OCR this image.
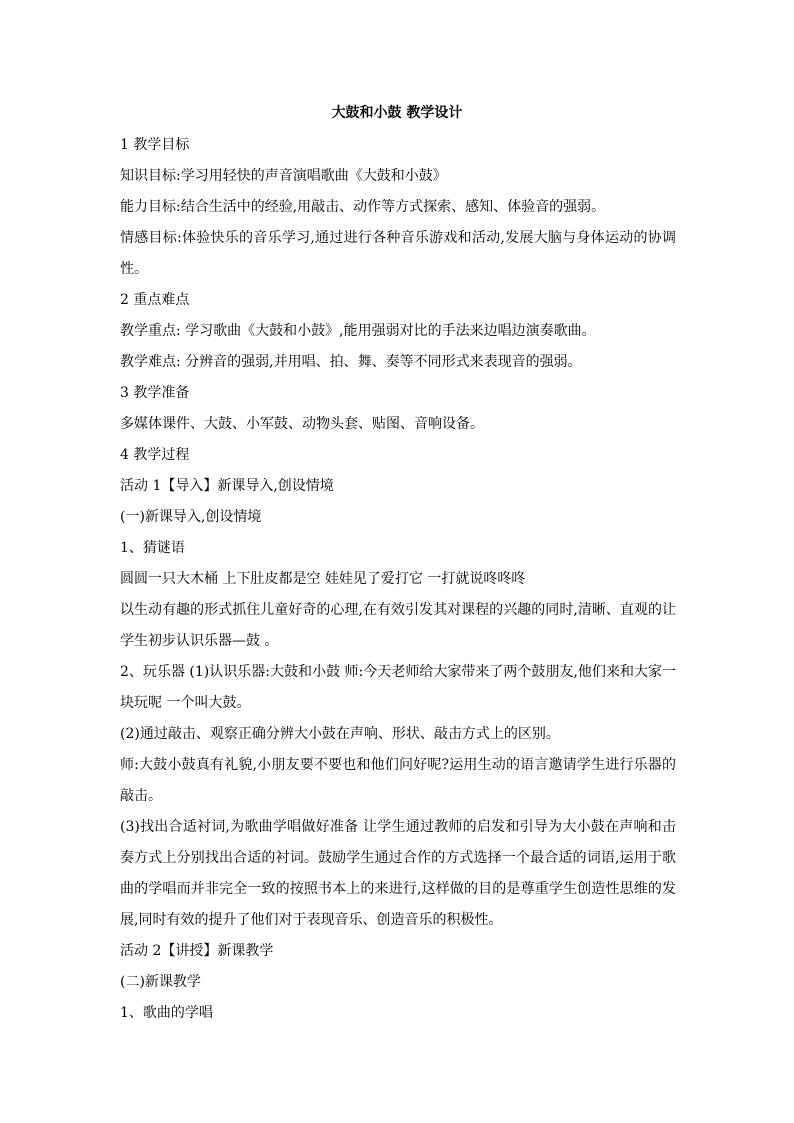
大鼓和小鼓 教学设计

1 教学目标

知识目标:学习用轻快的声音演唱歌曲《大鼓和小鼓》

能力目标:结合生活中的经验,用敲击、动作等方式探索、感知、体验音的强弱。

情感目标:体验快乐的音乐学习,通过进行各种音乐游戏和活动,发展大脑与身体运动的协调性。

2 重点难点

教学重点: 学习歌曲《大鼓和小鼓》,能用强弱对比的手法来边唱边演奏歌曲。

教学难点: 分辨音的强弱,并用唱、拍、舞、奏等不同形式来表现音的强弱。

3 教学准备

多媒体课件、大鼓、小军鼓、动物头套、贴图、音响设备。

4 教学过程

活动 1【导入】新课导入,创设情境

(一)新课导入,创设情境

1、猜谜语

圆圆一只大木桶 上下肚皮都是空 娃娃见了爱打它 一打就说咚咚咚

以生动有趣的形式抓住儿童好奇的心理,在有效引发其对课程的兴趣的同时,清晰、直观的让学生初步认识乐器—鼓 。

2、玩乐器 (1)认识乐器:大鼓和小鼓 师:今天老师给大家带来了两个鼓朋友,他们来和大家一块玩呢 一个叫大鼓。

(2)通过敲击、观察正确分辨大小鼓在声响、形状、敲击方式上的区别。

师:大鼓小鼓真有礼貌,小朋友要不要也和他们问好呢?运用生动的语言邀请学生进行乐器的敲击。

(3)找出合适衬词,为歌曲学唱做好准备 让学生通过教师的启发和引导为大小鼓在声响和击奏方式上分别找出合适的衬词。鼓励学生通过合作的方式选择一个最合适的词语,运用于歌曲的学唱而并非完全一致的按照书本上的来进行,这样做的目的是尊重学生创造性思维的发展,同时有效的提升了他们对于表现音乐、创造音乐的积极性。

活动 2【讲授】新课教学

(二)新课教学

1、歌曲的学唱
